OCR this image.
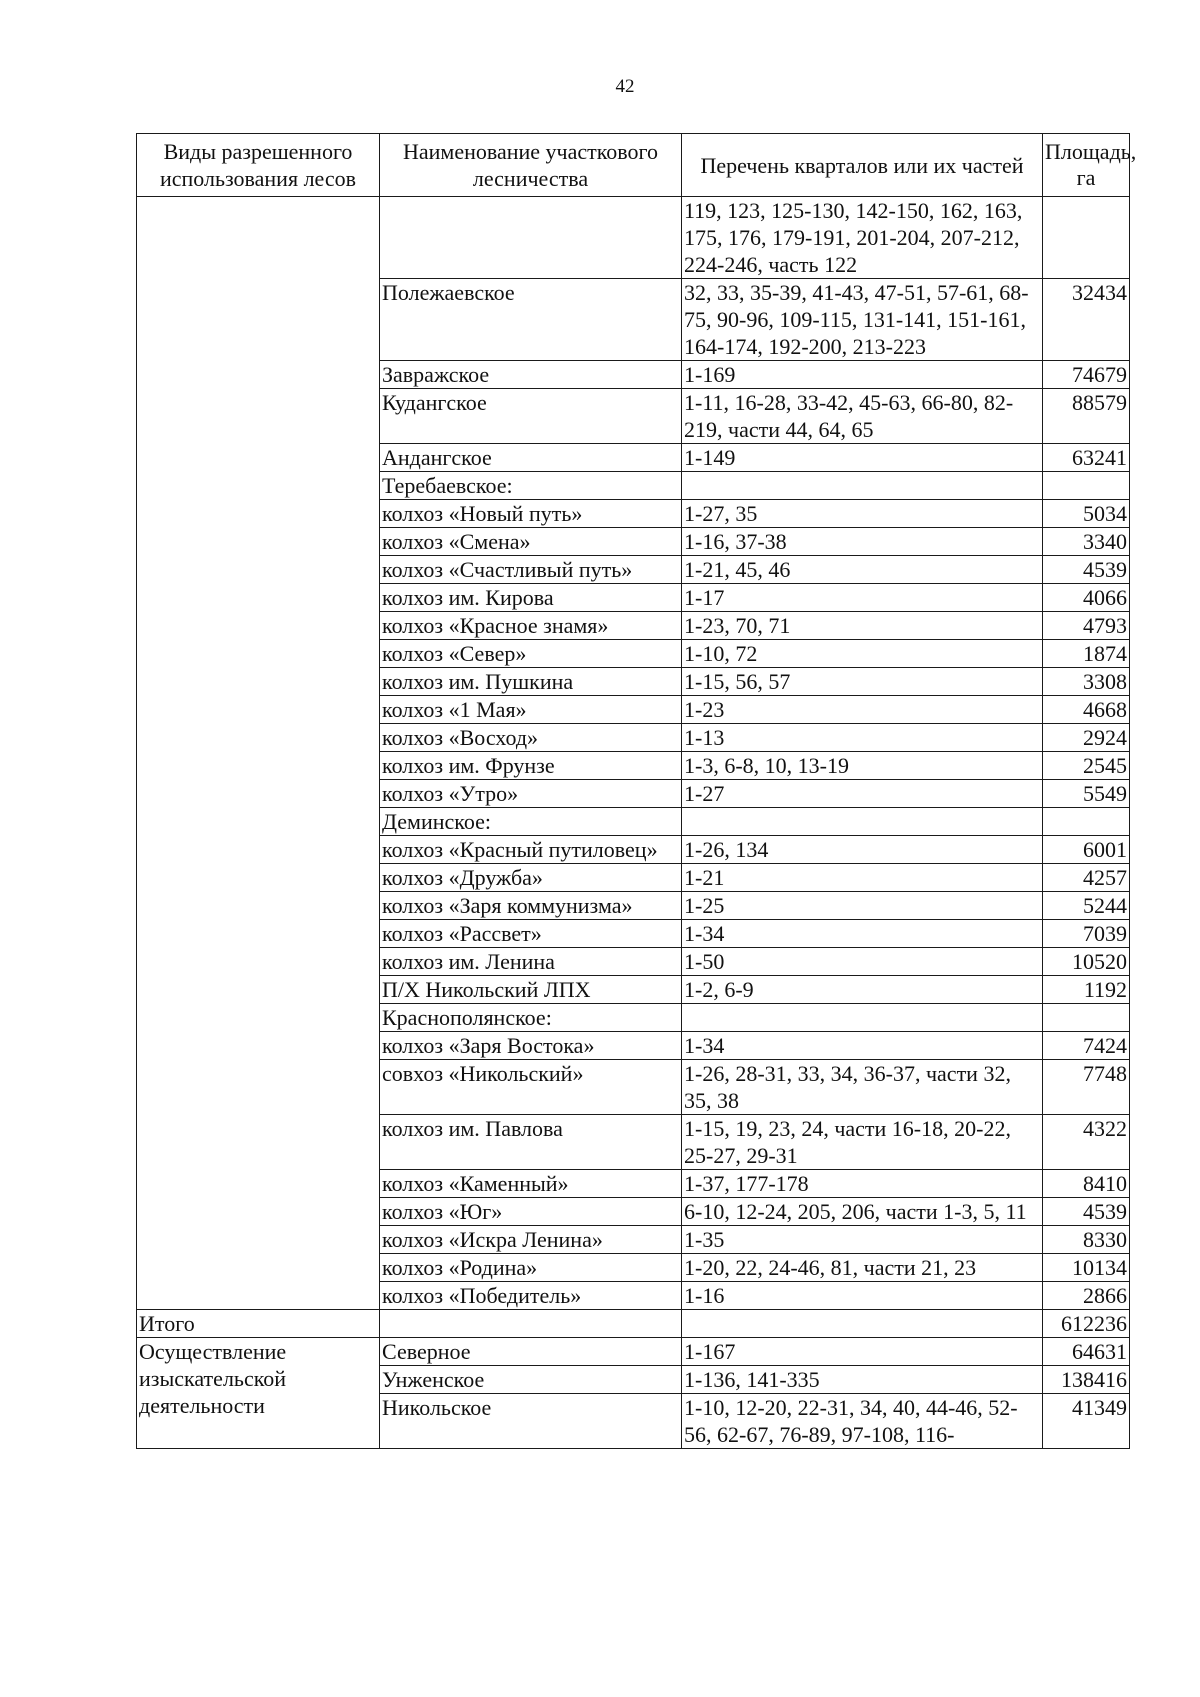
42
Виды разрешенного использования лесов	Наименование участкового лесничества	Перечень кварталов или их частей	Площадь, га
		119, 123, 125-130, 142-150, 162, 163, 175, 176, 179-191, 201-204, 207-212, 224-246, часть 122	
	Полежаевское	32, 33, 35-39, 41-43, 47-51, 57-61, 68-75, 90-96, 109-115, 131-141, 151-161, 164-174, 192-200, 213-223	32434
	Завражское	1-169	74679
	Кудангское	1-11, 16-28, 33-42, 45-63, 66-80, 82-219, части 44, 64, 65	88579
	Андангское	1-149	63241
	Теребаевское:		
	колхоз «Новый путь»	1-27, 35	5034
	колхоз «Смена»	1-16, 37-38	3340
	колхоз «Счастливый путь»	1-21, 45, 46	4539
	колхоз им. Кирова	1-17	4066
	колхоз «Красное знамя»	1-23, 70, 71	4793
	колхоз «Север»	1-10, 72	1874
	колхоз им. Пушкина	1-15, 56, 57	3308
	колхоз «1 Мая»	1-23	4668
	колхоз «Восход»	1-13	2924
	колхоз им. Фрунзе	1-3, 6-8, 10, 13-19	2545
	колхоз «Утро»	1-27	5549
	Деминское:		
	колхоз «Красный путиловец»	1-26, 134	6001
	колхоз «Дружба»	1-21	4257
	колхоз «Заря коммунизма»	1-25	5244
	колхоз «Рассвет»	1-34	7039
	колхоз им. Ленина	1-50	10520
	П/Х Никольский ЛПХ	1-2, 6-9	1192
	Краснополянское:		
	колхоз «Заря Востока»	1-34	7424
	совхоз «Никольский»	1-26, 28-31, 33, 34, 36-37, части 32, 35, 38	7748
	колхоз им. Павлова	1-15, 19, 23, 24, части 16-18, 20-22, 25-27, 29-31	4322
	колхоз «Каменный»	1-37, 177-178	8410
	колхоз «Юг»	6-10, 12-24, 205, 206, части 1-3, 5, 11	4539
	колхоз «Искра Ленина»	1-35	8330
	колхоз «Родина»	1-20, 22, 24-46, 81, части 21, 23	10134
	колхоз «Победитель»	1-16	2866
Итого			612236
Осуществление изыскательской деятельности	Северное	1-167	64631
	Унженское	1-136, 141-335	138416
	Никольское	1-10, 12-20, 22-31, 34, 40, 44-46, 52-56, 62-67, 76-89, 97-108, 116-	41349
